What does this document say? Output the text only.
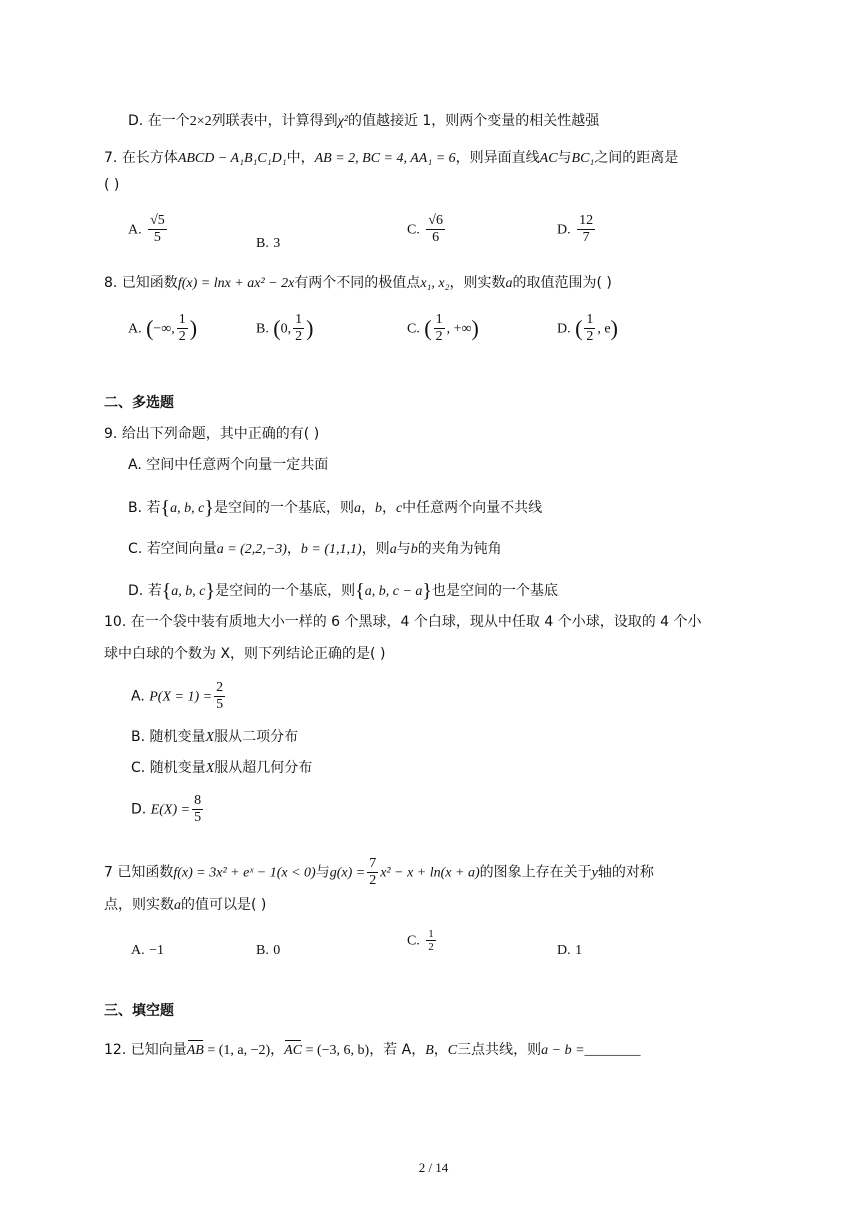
D. 在一个2×2列联表中，计算得到χ²的值越接近 1，则两个变量的相关性越强
7. 在长方体ABCD − A₁B₁C₁D₁中，AB = 2, BC = 4, AA₁ = 6，则异面直线AC与BC₁之间的距离是
( )
A. $\frac{√5}{5}$	B. 3
C. $\frac{√6}{6}$	D. $\frac{12}{7}$
8. 已知函数f(x) = lnx + ax² − 2x有两个不同的极值点x₁, x₂，则实数a的取值范围为( )
A. (−∞, $\frac{1}{2}$ )	B. (0, $\frac{1}{2}$ )	C. ( $\frac{1}{2}$ , +∞)	D. ( $\frac{1}{2}$ , e)
二、多选题
9. 给出下列命题，其中正确的有( )
A. 空间中任意两个向量一定共面
B. 若{a, b, c}是空间的一个基底，则a，b，c中任意两个向量不共线
C. 若空间向量a = (2,2,−3)，b = (1,1,1)，则a与b的夹角为钝角
D. 若{a, b, c}是空间的一个基底，则{a, b, c − a}也是空间的一个基底
10. 在一个袋中装有质地大小一样的 6 个黑球，4 个白球，现从中任取 4 个小球，设取的 4 个小
球中白球的个数为 X，则下列结论正确的是( )
A. $P(X = 1) = \frac{2}{5}$
B. 随机变量X服从二项分布
C. 随机变量X服从超几何分布
D. $E(X) = \frac{8}{5}$
7 已知函数f(x) = 3x² + eˣ − 1(x < 0)与$g(x) = \frac{7}{2} x^2 - x + \ln(x + a)$的图象上存在关于y轴的对称
点，则实数a的值可以是( )
A. −1	B. 0
C. $\frac{1}{2}$	D. 1
三、填空题
12. 已知向量AB = (1, a, −2)，AC = (−3, 6, b)，若 A，B，C三点共线，则a − b =________
2 / 14
